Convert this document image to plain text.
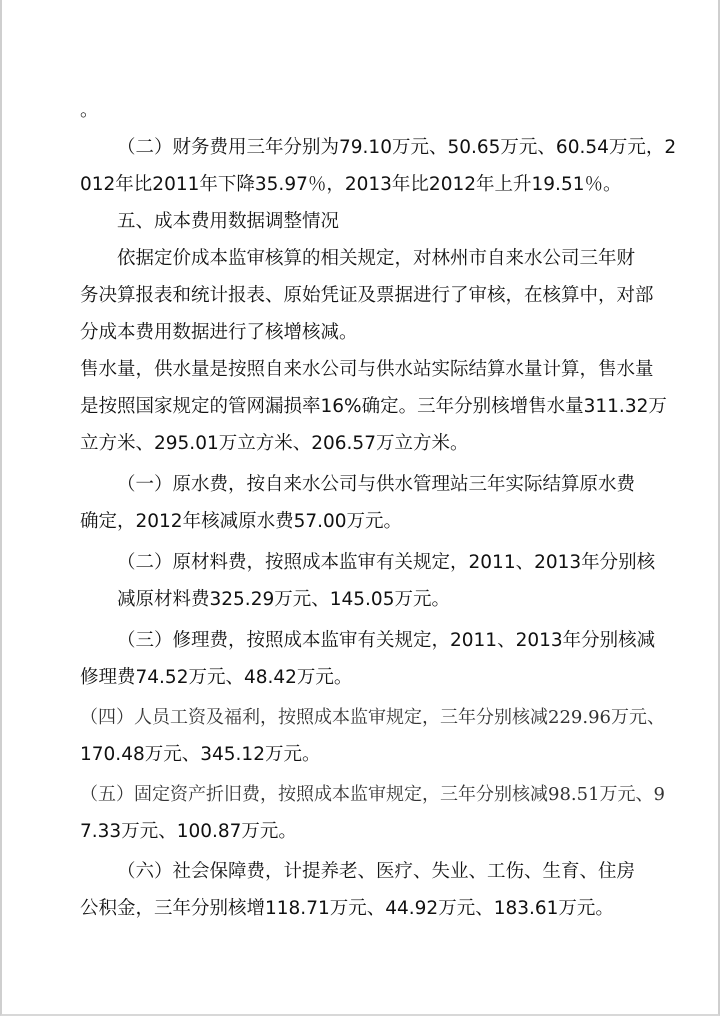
。
（二）财务费用三年分别为79.10万元、50.65万元、60.54万元，2
012年比2011年下降35.97％，2013年比2012年上升19.51％。
五、成本费用数据调整情况
依据定价成本监审核算的相关规定，对林州市自来水公司三年财
务决算报表和统计报表、原始凭证及票据进行了审核，在核算中，对部
分成本费用数据进行了核增核减。
售水量，供水量是按照自来水公司与供水站实际结算水量计算，售水量
是按照国家规定的管网漏损率16%确定。三年分别核增售水量311.32万
立方米、295.01万立方米、206.57万立方米。
（一）原水费，按自来水公司与供水管理站三年实际结算原水费
确定，2012年核减原水费57.00万元。
（二）原材料费，按照成本监审有关规定，2011、2013年分别核
减原材料费325.29万元、145.05万元。
（三）修理费，按照成本监审有关规定，2011、2013年分别核减
修理费74.52万元、48.42万元。
（四）人员工资及福利，按照成本监审规定，三年分别核减229.96万元、
170.48万元、345.12万元。
（五）固定资产折旧费，按照成本监审规定，三年分别核减98.51万元、9
7.33万元、100.87万元。
（六）社会保障费，计提养老、医疗、失业、工伤、生育、住房
公积金，三年分别核增118.71万元、44.92万元、183.61万元。
